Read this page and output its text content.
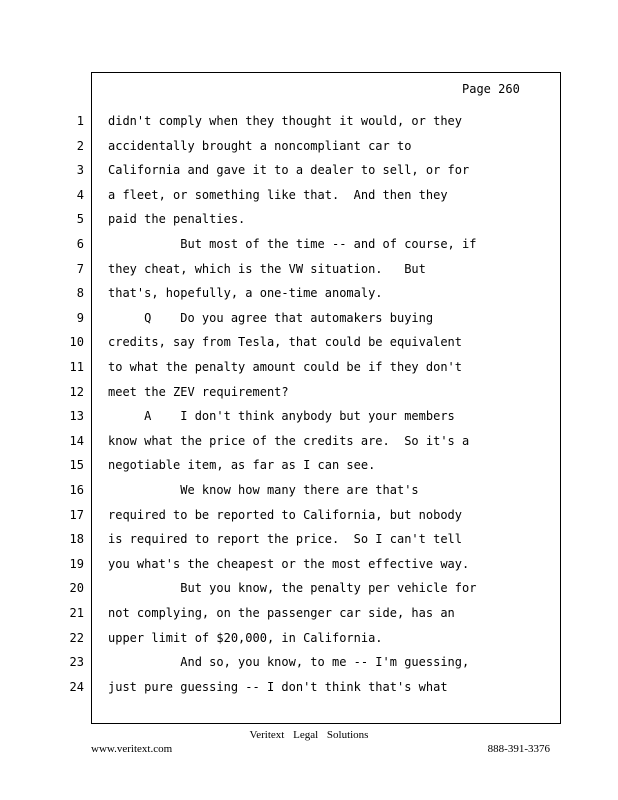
Page 260
1 didn't comply when they thought it would, or they
2 accidentally brought a noncompliant car to
3 California and gave it to a dealer to sell, or for
4 a fleet, or something like that.  And then they
5 paid the penalties.
6 But most of the time -- and of course, if
7 they cheat, which is the VW situation.   But
8 that's, hopefully, a one-time anomaly.
9 Q    Do you agree that automakers buying
10 credits, say from Tesla, that could be equivalent
11 to what the penalty amount could be if they don't
12 meet the ZEV requirement?
13 A    I don't think anybody but your members
14 know what the price of the credits are.  So it's a
15 negotiable item, as far as I can see.
16 We know how many there are that's
17 required to be reported to California, but nobody
18 is required to report the price.  So I can't tell
19 you what's the cheapest or the most effective way.
20 But you know, the penalty per vehicle for
21 not complying, on the passenger car side, has an
22 upper limit of $20,000, in California.
23 And so, you know, to me -- I'm guessing,
24 just pure guessing -- I don't think that's what
Veritext Legal Solutions
www.veritext.com	888-391-3376
